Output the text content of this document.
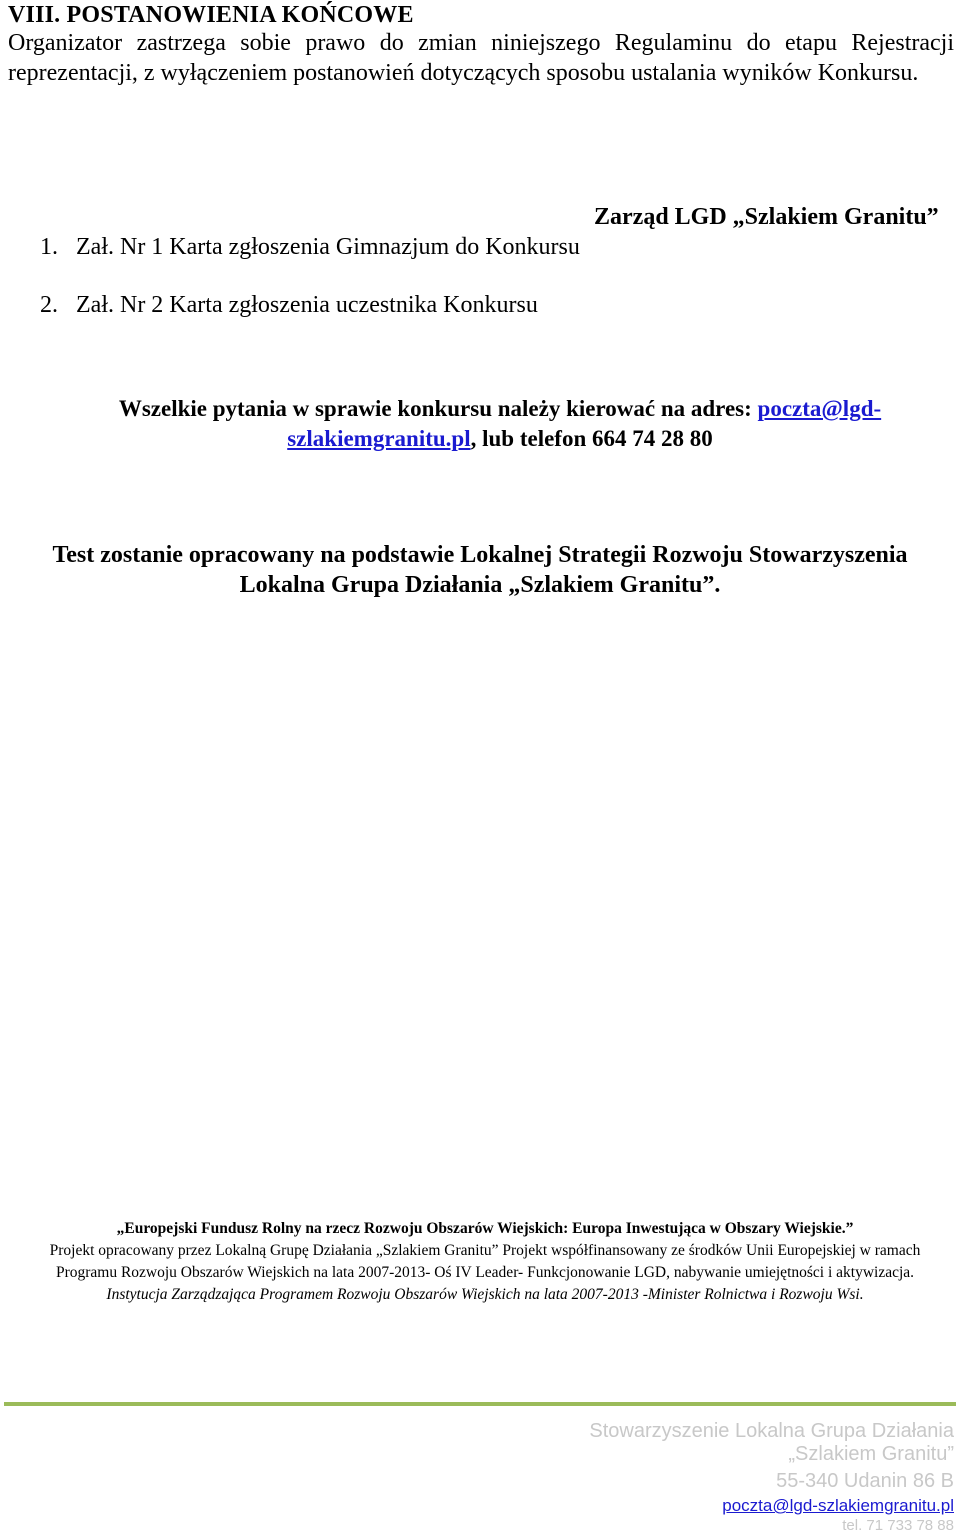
VIII. POSTANOWIENIA KOŃCOWE
Organizator zastrzega sobie prawo do zmian niniejszego Regulaminu do etapu Rejestracji reprezentacji, z wyłączeniem postanowień dotyczących sposobu ustalania wyników Konkursu.
Zarząd LGD „Szlakiem Granitu”
1. Zał. Nr 1 Karta zgłoszenia Gimnazjum do Konkursu
2. Zał. Nr 2 Karta zgłoszenia uczestnika Konkursu
Wszelkie pytania w sprawie konkursu należy kierować na adres: poczta@lgd-
szlakiemgranitu.pl, lub telefon 664 74 28 80
Test zostanie opracowany na podstawie Lokalnej Strategii Rozwoju Stowarzyszenia Lokalna Grupa Działania „Szlakiem Granitu”.
„Europejski Fundusz Rolny na rzecz Rozwoju Obszarów Wiejskich: Europa Inwestująca w Obszary Wiejskie.”
Projekt opracowany przez Lokalną Grupę Działania „Szlakiem Granitu” Projekt współfinansowany ze środków Unii Europejskiej w ramach Programu Rozwoju Obszarów Wiejskich na lata 2007-2013- Oś IV Leader- Funkcjonowanie LGD, nabywanie umiejętności i aktywizacja. Instytucja Zarządzająca Programem Rozwoju Obszarów Wiejskich na lata 2007-2013 -Minister Rolnictwa i Rozwoju Wsi.
Stowarzyszenie Lokalna Grupa Działania
„Szlakiem Granitu”
55-340 Udanin 86 B
poczta@lgd-szlakiemgranitu.pl
tel. 71 733 78 88
